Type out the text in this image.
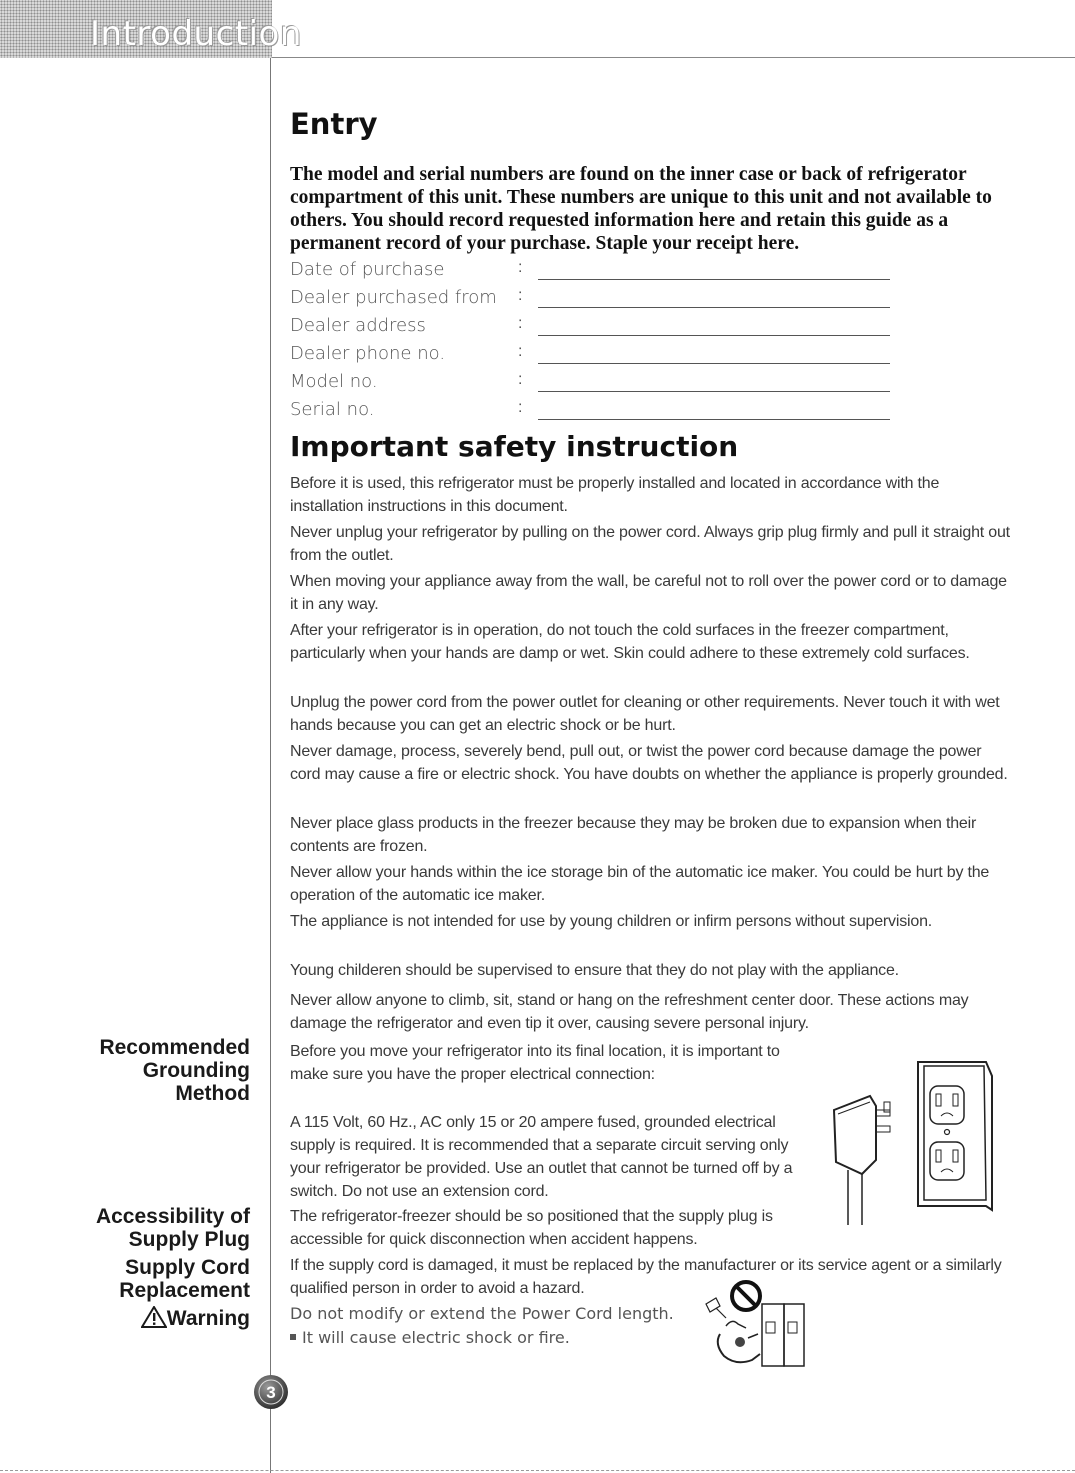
Introduction
Entry
The model and serial numbers are found on the inner case or back of refrigerator compartment of this unit. These numbers are unique to this unit and not available to others. You should record requested information here and retain this guide as a permanent record of your purchase. Staple your receipt here.
Date of purchase	:
Dealer purchased from :
Dealer address	:
Dealer phone no.	:
Model no.	:
Serial no.	:
Important safety instruction

Before it is used, this refrigerator must be properly installed and located in accordance with the installation instructions in this document.

Never unplug your refrigerator by pulling on the power cord. Always grip plug firmly and pull it straight out from the outlet.

When moving your appliance away from the wall, be careful not to roll over the power cord or to damage it in any way.

After your refrigerator is in operation, do not touch the cold surfaces in the freezer compartment, particularly when your hands are damp or wet. Skin could adhere to these extremely cold surfaces.

Unplug the power cord from the power outlet for cleaning or other requirements. Never touch it with wet hands because you can get an electric shock or be hurt.

Never damage, process, severely bend, pull out, or twist the power cord because damage the power cord may cause a fire or electric shock. You have doubts on whether the appliance is properly grounded.

Never place glass products in the freezer because they may be broken due to expansion when their contents are frozen.

Never allow your hands within the ice storage bin of the automatic ice maker. You could be hurt by the operation of the automatic ice maker.

The appliance is not intended for use by young children or infirm persons without supervision.

Young childeren should be supervised to ensure that they do not play with the appliance.

Never allow anyone to climb, sit, stand or hang on the refreshment center door. These actions may damage the refrigerator and even tip it over, causing severe personal injury.

Recommended
Grounding
Method
Accessibility of
Supply Plug
Supply Cord
Replacement
Warning

Before you move your refrigerator into its final location, it is important to make sure you have the proper electrical connection:

A 115 Volt, 60 Hz., AC only 15 or 20 ampere fused, grounded electrical supply is required. It is recommended that a separate circuit serving only your refrigerator be provided. Use an outlet that cannot be turned off by a switch. Do not use an extension cord.

The refrigerator-freezer should be so positioned that the supply plug is accessible for quick disconnection when accident happens.

If the supply cord is damaged, it must be replaced by the manufacturer or its service agent or a similarly qualified person in order to avoid a hazard.

Do not modify or extend the Power Cord length.

It will cause electric shock or fire.

3
